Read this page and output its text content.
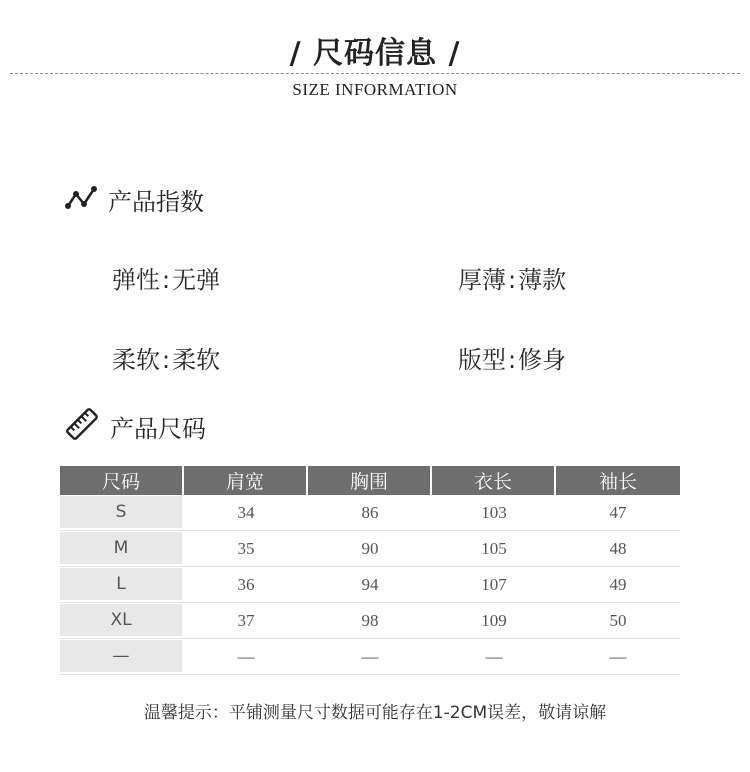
/ 尺码信息 /
SIZE INFORMATION
产品指数
弹性:无弹	厚薄:薄款
柔软:柔软	版型:修身
产品尺码
尺码	肩宽	胸围	衣长	袖长
S	34	86	103	47
M	35	90	105	48
L	36	94	107	49
XL	37	98	109	50
—	—	—	—	—
温馨提示：平铺测量尺寸数据可能存在1-2CM误差，敬请谅解
